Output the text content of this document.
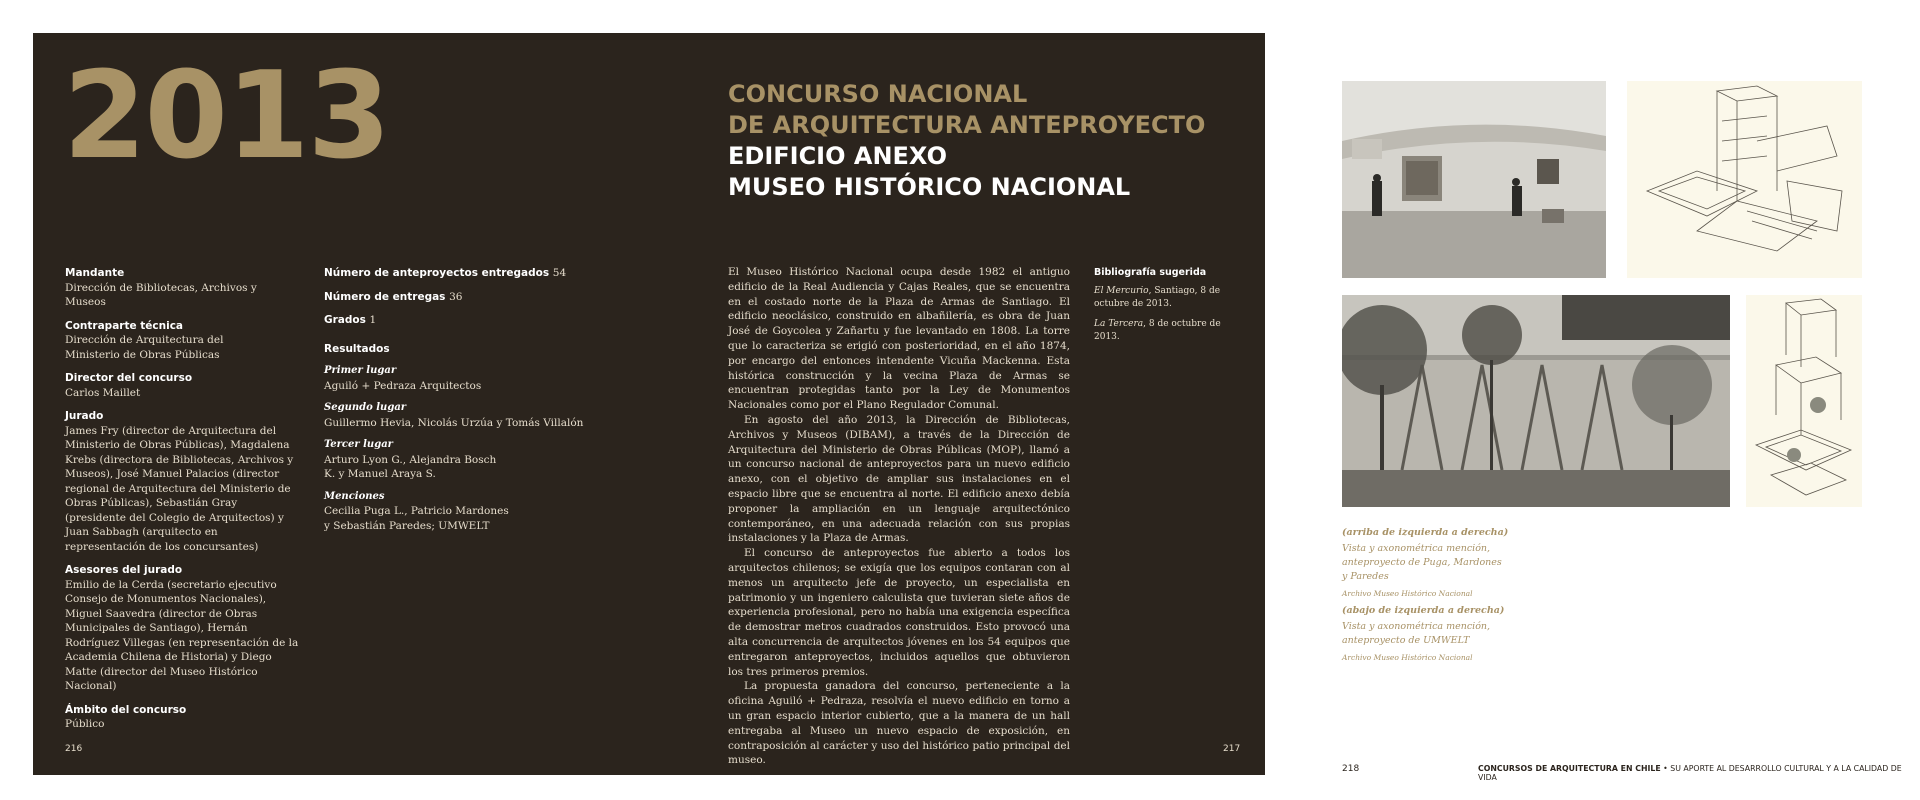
2013	CONCURSO NACIONAL
DE ARQUITECTURA ANTEPROYECTO
EDIFICIO ANEXO
MUSEO HISTÓRICO NACIONAL
Mandante
Dirección de Bibliotecas, Archivos y Museos
Contraparte técnica
Dirección de Arquitectura del Ministerio de Obras Públicas
Director del concurso
Carlos Maillet
Jurado
James Fry (director de Arquitectura del Ministerio de Obras Públicas), Magdalena Krebs (directora de Bibliotecas, Archivos y Museos), José Manuel Palacios (director regional de Arquitectura del Ministerio de Obras Públicas), Sebastián Gray (presidente del Colegio de Arquitectos) y Juan Sabbagh (arquitecto en representación de los concursantes)
Asesores del jurado
Emilio de la Cerda (secretario ejecutivo Consejo de Monumentos Nacionales), Miguel Saavedra (director de Obras Municipales de Santiago), Hernán Rodríguez Villegas (en representación de la Academia Chilena de Historia) y Diego Matte (director del Museo Histórico Nacional)
Ámbito del concurso
Público
Número de anteproyectos entregados 54
Número de entregas 36
Grados 1
Resultados
Primer lugar
Aguiló + Pedraza Arquitectos
Segundo lugar
Guillermo Hevia, Nicolás Urzúa y Tomás Villalón
Tercer lugar
Arturo Lyon G., Alejandra Bosch K. y Manuel Araya S.
Menciones
Cecilia Puga L., Patricio Mardones y Sebastián Paredes; UMWELT

El Museo Histórico Nacional ocupa desde 1982 el antiguo edificio de la Real Audiencia y Cajas Reales, que se encuentra en el costado norte de la Plaza de Armas de Santiago. El edificio neoclásico, construido en albañilería, es obra de Juan José de Goycolea y Zañartu y fue levantado en 1808. La torre que lo caracteriza se erigió con posterioridad, en el año 1874, por encargo del entonces intendente Vicuña Mackenna. Esta histórica construcción y la vecina Plaza de Armas se encuentran protegidas tanto por la Ley de Monumentos Nacionales como por el Plano Regulador Comunal.

En agosto del año 2013, la Dirección de Bibliotecas, Archivos y Museos (DIBAM), a través de la Dirección de Arquitectura del Ministerio de Obras Públicas (MOP), llamó a un concurso nacional de anteproyectos para un nuevo edificio anexo, con el objetivo de ampliar sus instalaciones en el espacio libre que se encuentra al norte. El edificio anexo debía proponer la ampliación en un lenguaje arquitectónico contemporáneo, en una adecuada relación con sus propias instalaciones y la Plaza de Armas.

El concurso de anteproyectos fue abierto a todos los arquitectos chilenos; se exigía que los equipos contaran con al menos un arquitecto jefe de proyecto, un especialista en patrimonio y un ingeniero calculista que tuvieran siete años de experiencia profesional, pero no había una exigencia específica de demostrar metros cuadrados construidos. Esto provocó una alta concurrencia de arquitectos jóvenes en los 54 equipos que entregaron anteproyectos, incluidos aquellos que obtuvieron los tres primeros premios.

La propuesta ganadora del concurso, perteneciente a la oficina Aguiló + Pedraza, resolvía el nuevo edificio en torno a un gran espacio interior cubierto, que a la manera de un hall entregaba al Museo un nuevo espacio de exposición, en contraposición al carácter y uso del histórico patio principal del museo.

Bibliografía sugerida

El Mercurio, Santiago, 8 de octubre de 2013.

La Tercera, 8 de octubre de 2013.

216	217
(arriba de izquierda a derecha)
Vista y axonométrica mención, anteproyecto de Puga, Mardones y Paredes
Archivo Museo Histórico Nacional
(abajo de izquierda a derecha)
Vista y axonométrica mención, anteproyecto de UMWELT
Archivo Museo Histórico Nacional
218	CONCURSOS DE ARQUITECTURA EN CHILE • SU APORTE AL DESARROLLO CULTURAL Y A LA CALIDAD DE VIDA
